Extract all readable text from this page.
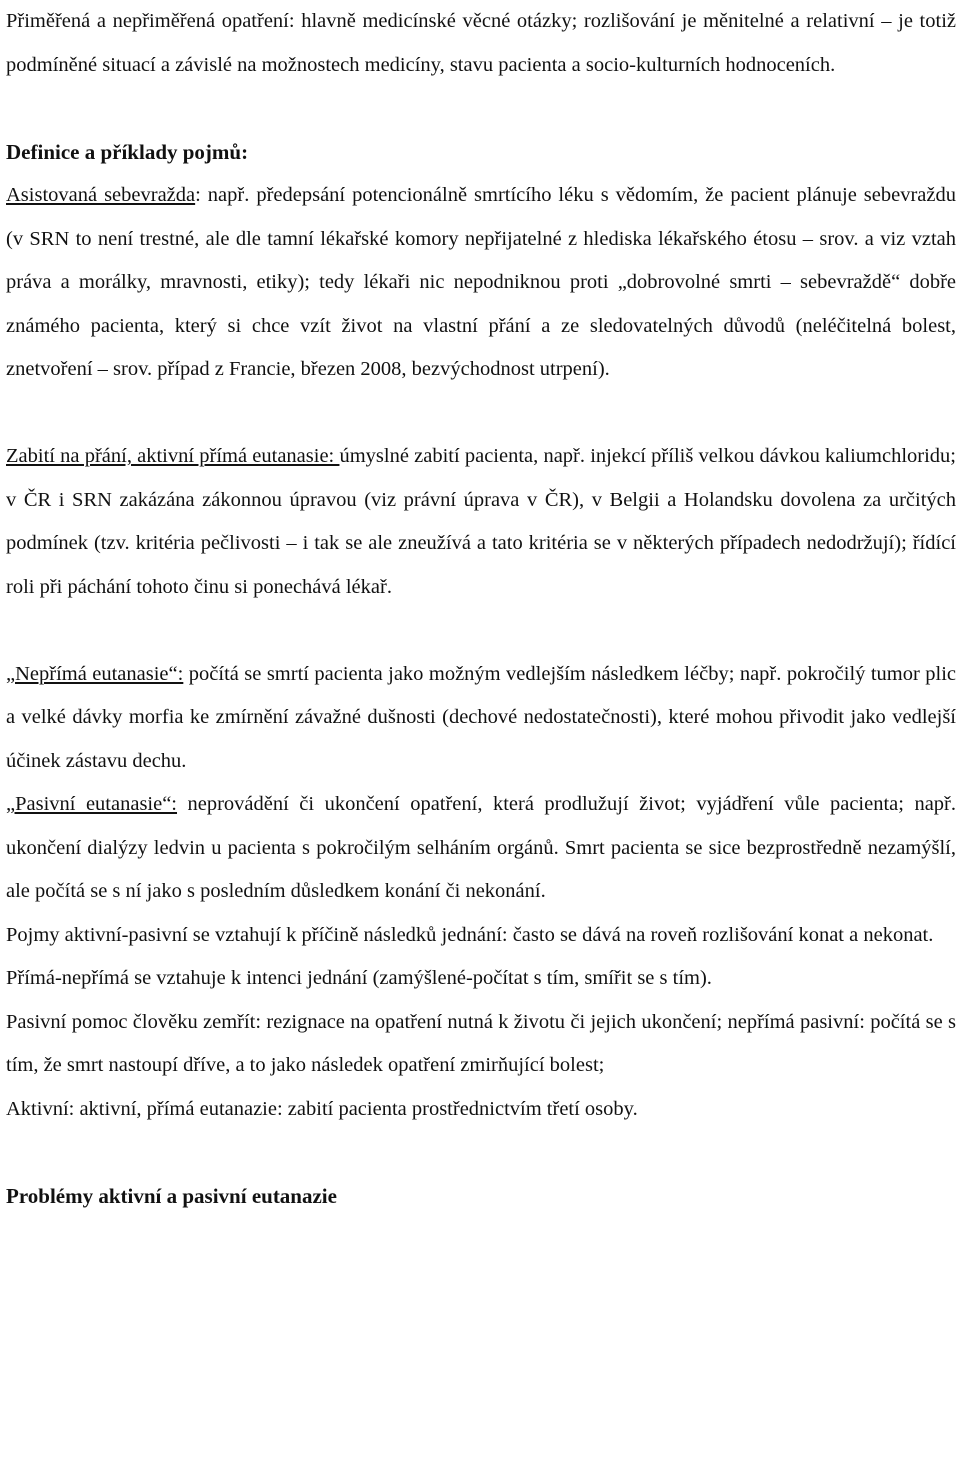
Přiměřená a nepřiměřená opatření: hlavně medicínské věcné otázky; rozlišování je měnitelné a relativní – je totiž podmíněné situací a závislé na možnostech medicíny, stavu pacienta a socio-kulturních hodnoceních.

Definice a příklady pojmů:

Asistovaná sebevražda: např. předepsání potencionálně smrtícího léku s vědomím, že pacient plánuje sebevraždu (v SRN to není trestné, ale dle tamní lékařské komory nepřijatelné z hlediska lékařského étosu – srov. a viz vztah práva a morálky, mravnosti, etiky); tedy lékaři nic nepodniknou proti „dobrovolné smrti – sebevraždě“ dobře známého pacienta, který si chce vzít život na vlastní přání a ze sledovatelných důvodů (neléčitelná bolest, znetvoření – srov. případ z Francie, březen 2008, bezvýchodnost utrpení).

Zabití na přání, aktivní přímá eutanasie: úmyslné zabití pacienta, např. injekcí příliš velkou dávkou kaliumchloridu; v ČR i SRN zakázána zákonnou úpravou (viz právní úprava v ČR), v Belgii a Holandsku dovolena za určitých podmínek (tzv. kritéria pečlivosti – i tak se ale zneužívá a tato kritéria se v některých případech nedodržují); řídící roli při páchání tohoto činu si ponechává lékař.

„Nepřímá eutanasie“: počítá se smrtí pacienta jako možným vedlejším následkem léčby; např. pokročilý tumor plic a velké dávky morfia ke zmírnění závažné dušnosti (dechové nedostatečnosti), které mohou přivodit jako vedlejší účinek zástavu dechu.

„Pasivní eutanasie“: neprovádění či ukončení opatření, která prodlužují život; vyjádření vůle pacienta; např. ukončení dialýzy ledvin u pacienta s pokročilým selháním orgánů. Smrt pacienta se sice bezprostředně nezamýšlí, ale počítá se s ní jako s posledním důsledkem konání či nekonání.

Pojmy aktivní-pasivní se vztahují k příčině následků jednání: často se dává na roveň rozlišování konat a nekonat.

Přímá-nepřímá se vztahuje k intenci jednání (zamýšlené-počítat s tím, smířit se s tím).

Pasivní pomoc člověku zemřít: rezignace na opatření nutná k životu či jejich ukončení; nepřímá pasivní: počítá se s tím, že smrt nastoupí dříve, a to jako následek opatření zmirňující bolest;

Aktivní: aktivní, přímá eutanazie: zabití pacienta prostřednictvím třetí osoby.

Problémy aktivní a pasivní eutanazie
